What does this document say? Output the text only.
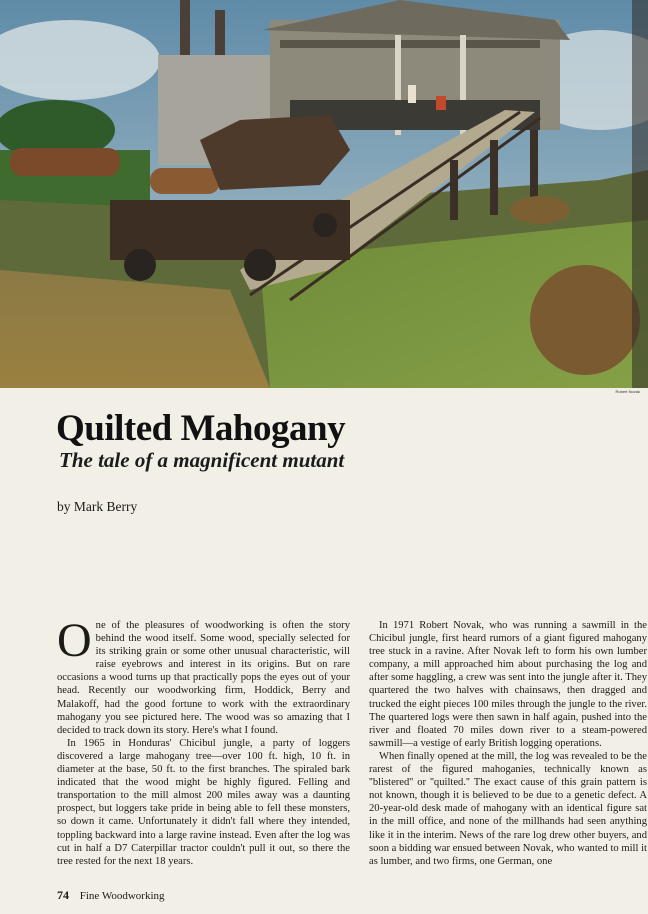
Robert Novak
Quilted Mahogany
The tale of a magnificent mutant
by Mark Berry

One of the pleasures of woodworking is often the story behind the wood itself. Some wood, specially selected for its striking grain or some other unusual characteristic, will raise eyebrows and interest in its origins. But on rare occasions a wood turns up that practically pops the eyes out of your head. Recently our woodworking firm, Hoddick, Berry and Malakoff, had the good fortune to work with the extraordinary mahogany you see pictured here. The wood was so amazing that I decided to track down its story. Here's what I found.

In 1965 in Honduras' Chicibul jungle, a party of loggers discovered a large mahogany tree—over 100 ft. high, 10 ft. in diameter at the base, 50 ft. to the first branches. The spiraled bark indicated that the wood might be highly figured. Felling and transportation to the mill almost 200 miles away was a daunting prospect, but loggers take pride in being able to fell these monsters, so down it came. Unfortunately it didn't fall where they intended, toppling backward into a large ravine instead. Even after the log was cut in half a D7 Caterpillar tractor couldn't pull it out, so there the tree rested for the next 18 years.

In 1971 Robert Novak, who was running a sawmill in the Chicibul jungle, first heard rumors of a giant figured mahogany tree stuck in a ravine. After Novak left to form his own lumber company, a mill approached him about purchasing the log and after some haggling, a crew was sent into the jungle after it. They quartered the two halves with chainsaws, then dragged and trucked the eight pieces 100 miles through the jungle to the river. The quartered logs were then sawn in half again, pushed into the river and floated 70 miles down river to a steam-powered sawmill—a vestige of early British logging operations.

When finally opened at the mill, the log was revealed to be the rarest of the figured mahoganies, technically known as ''blistered'' or ''quilted.'' The exact cause of this grain pattern is not known, though it is believed to be due to a genetic defect. A 20-year-old desk made of mahogany with an identical figure sat in the mill office, and none of the millhands had seen anything like it in the interim. News of the rare log drew other buyers, and soon a bidding war ensued between Novak, who wanted to mill it as lumber, and two firms, one German, one

74 Fine Woodworking
